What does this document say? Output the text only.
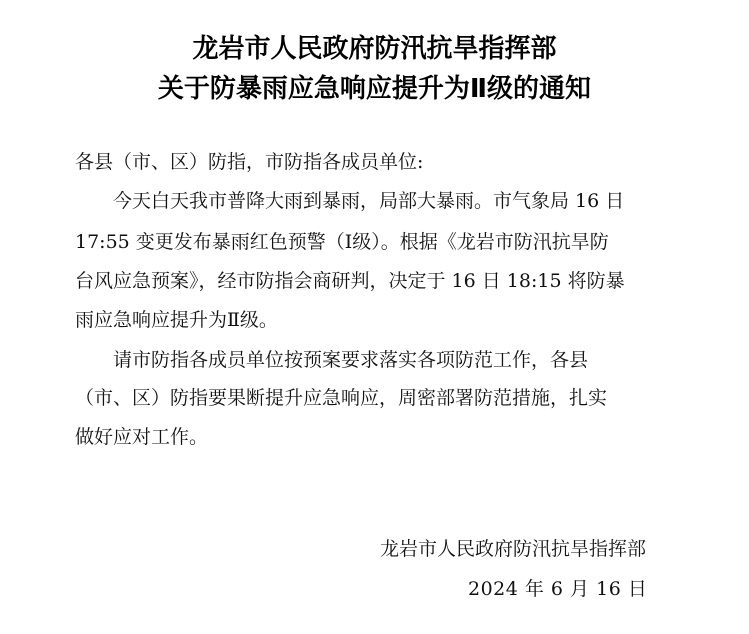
龙岩市人民政府防汛抗旱指挥部
关于防暴雨应急响应提升为Ⅱ级的通知
各县（市、区）防指，市防指各成员单位:
今天白天我市普降大雨到暴雨，局部大暴雨。市气象局 16 日
17:55 变更发布暴雨红色预警（Ⅰ级）。根据《龙岩市防汛抗旱防
台风应急预案》，经市防指会商研判，决定于 16 日 18:15 将防暴
雨应急响应提升为Ⅱ级。
请市防指各成员单位按预案要求落实各项防范工作，各县
（市、区）防指要果断提升应急响应，周密部署防范措施，扎实
做好应对工作。
龙岩市人民政府防汛抗旱指挥部
2024 年 6 月 16 日
